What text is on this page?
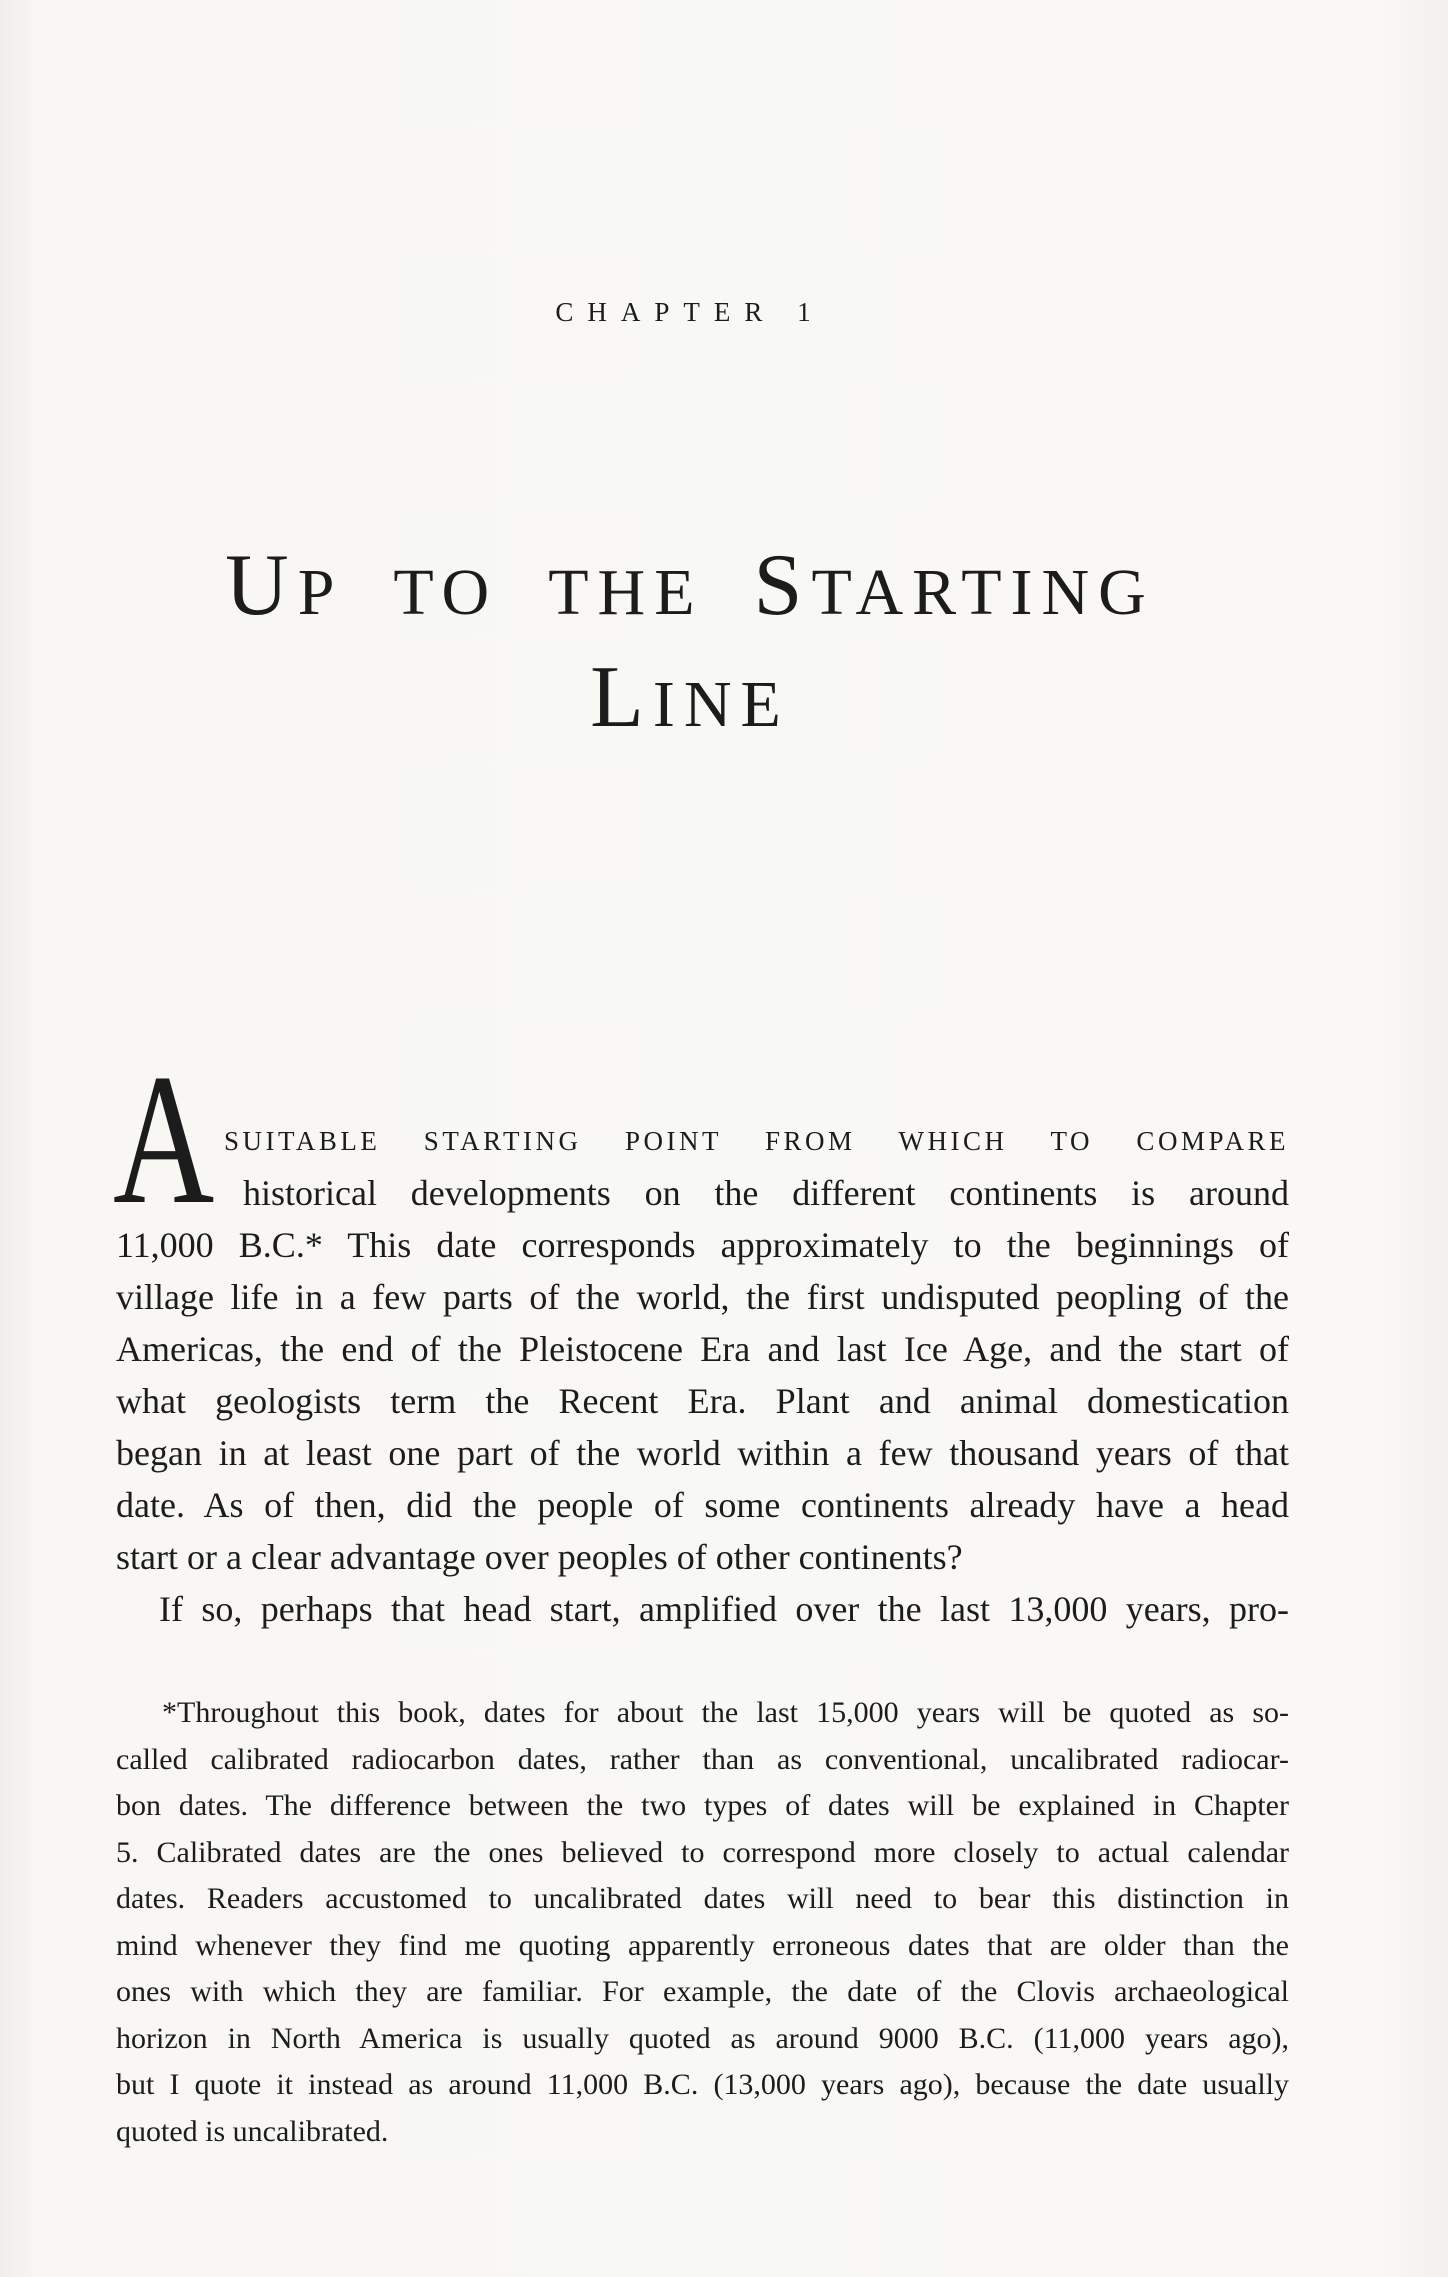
CHAPTER 1
UP TO THE STARTING
LINE
A SUITABLE STARTING POINT FROM WHICH TO COMPARE
historical developments on the different continents is around
11,000 B.C.* This date corresponds approximately to the beginnings of
village life in a few parts of the world, the first undisputed peopling of the
Americas, the end of the Pleistocene Era and last Ice Age, and the start of
what geologists term the Recent Era. Plant and animal domestication
began in at least one part of the world within a few thousand years of that
date. As of then, did the people of some continents already have a head
start or a clear advantage over peoples of other continents?
If so, perhaps that head start, amplified over the last 13,000 years, pro-
*Throughout this book, dates for about the last 15,000 years will be quoted as so-
called calibrated radiocarbon dates, rather than as conventional, uncalibrated radiocar-
bon dates. The difference between the two types of dates will be explained in Chapter
5. Calibrated dates are the ones believed to correspond more closely to actual calendar
dates. Readers accustomed to uncalibrated dates will need to bear this distinction in
mind whenever they find me quoting apparently erroneous dates that are older than the
ones with which they are familiar. For example, the date of the Clovis archaeological
horizon in North America is usually quoted as around 9000 B.C. (11,000 years ago),
but I quote it instead as around 11,000 B.C. (13,000 years ago), because the date usually
quoted is uncalibrated.
